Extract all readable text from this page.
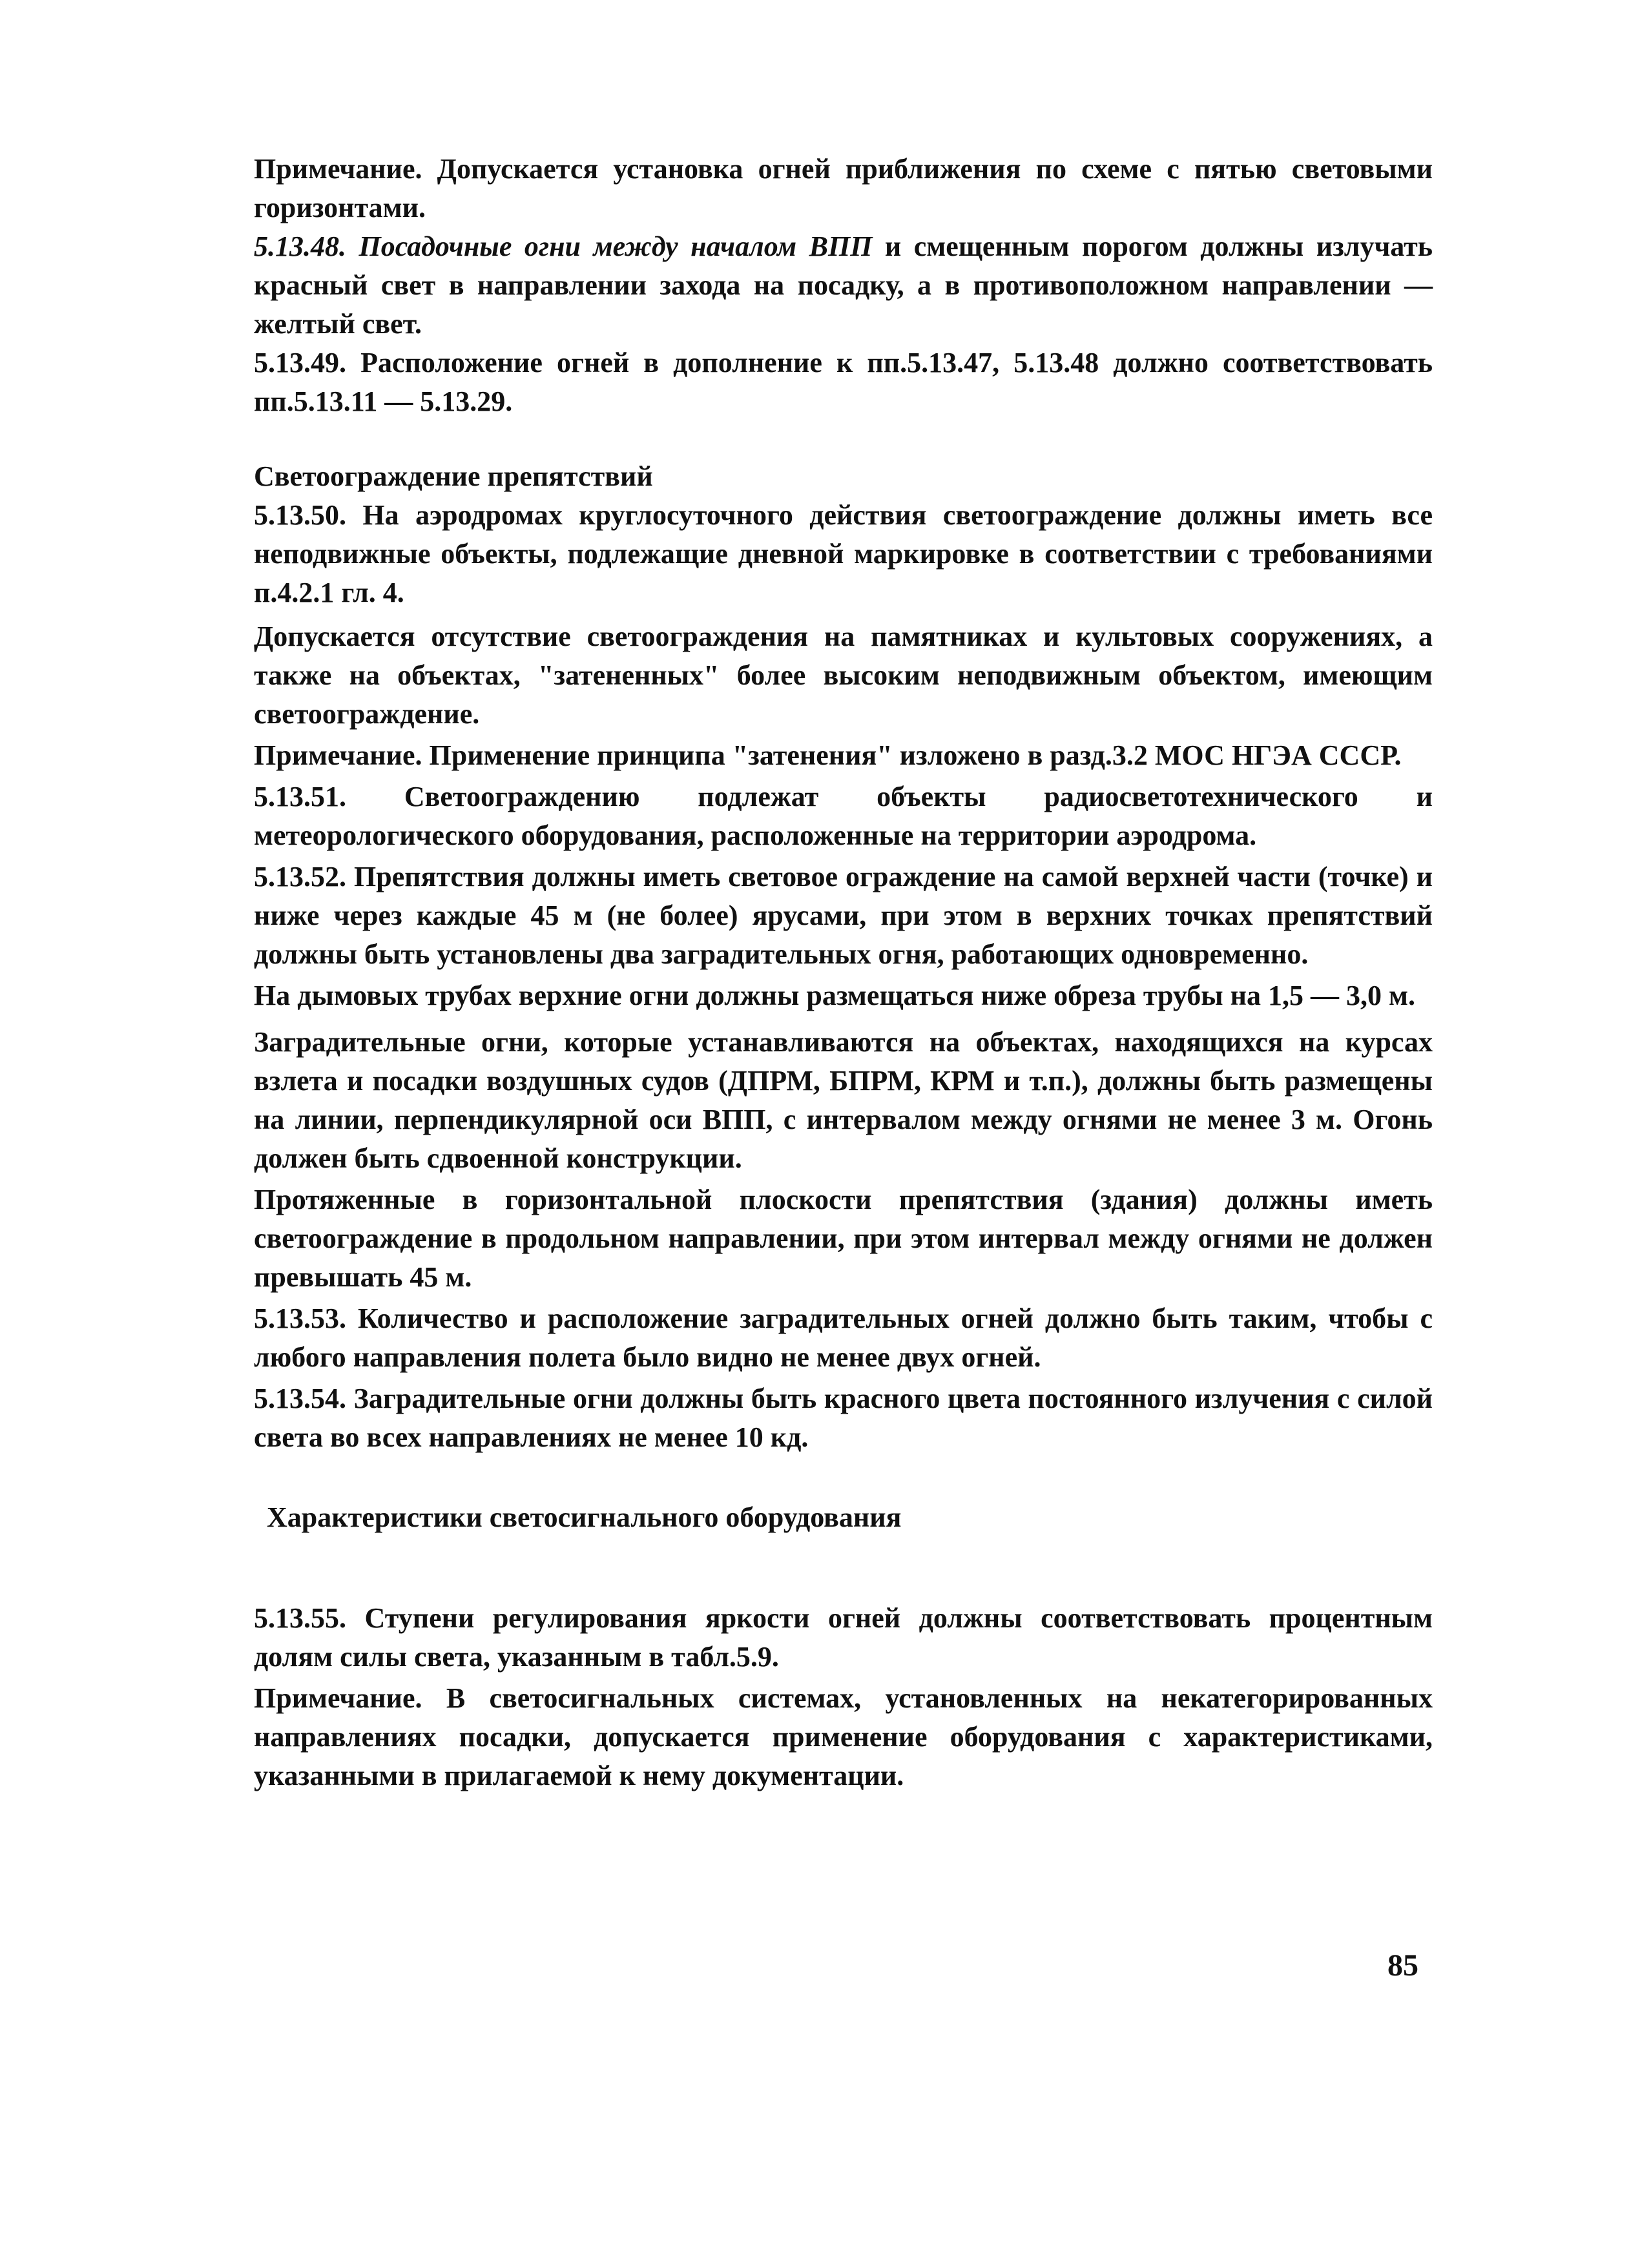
Примечание. Допускается установка огней приближения по схеме с пятью световыми горизонтами.

5.13.48. Посадочные огни между началом ВПП и смещенным порогом должны излучать красный свет в направлении захода на посадку, а в противоположном направлении — желтый свет.

5.13.49. Расположение огней в дополнение к пп.5.13.47, 5.13.48 должно соответствовать пп.5.13.11 — 5.13.29.

Светоограждение препятствий

5.13.50. На аэродромах круглосуточного действия светоограждение должны иметь все неподвижные объекты, подлежащие дневной маркировке в соответствии с требованиями п.4.2.1 гл. 4.

Допускается отсутствие светоограждения на памятниках и культовых сооружениях, а также на объектах, "затененных" более высоким неподвижным объектом, имеющим светоограждение.

Примечание. Применение принципа "затенения" изложено в разд.3.2 МОС НГЭА СССР.

5.13.51. Светоограждению подлежат объекты радиосветотехнического и метеорологического оборудования, расположенные на территории аэродрома.

5.13.52. Препятствия должны иметь световое ограждение на самой верхней части (точке) и ниже через каждые 45 м (не более) ярусами, при этом в верхних точках препятствий должны быть установлены два заградительных огня, работающих одновременно.

На дымовых трубах верхние огни должны размещаться ниже обреза трубы на 1,5 — 3,0 м.

Заградительные огни, которые устанавливаются на объектах, находящихся на курсах взлета и посадки воздушных судов (ДПРМ, БПРМ, КРМ и т.п.), должны быть размещены на линии, перпендикулярной оси ВПП, с интервалом между огнями не менее 3 м. Огонь должен быть сдвоенной конструкции.

Протяженные в горизонтальной плоскости препятствия (здания) должны иметь светоограждение в продольном направлении, при этом интервал между огнями не должен превышать 45 м.

5.13.53. Количество и расположение заградительных огней должно быть таким, чтобы с любого направления полета было видно не менее двух огней.

5.13.54. Заградительные огни должны быть красного цвета постоянного излучения с силой света во всех направлениях не менее 10 кд.

Характеристики светосигнального оборудования

5.13.55. Ступени регулирования яркости огней должны соответствовать процентным долям силы света, указанным в табл.5.9.

Примечание. В светосигнальных системах, установленных на некатегорированных направлениях посадки, допускается применение оборудования с характеристиками, указанными в прилагаемой к нему документации.

85
